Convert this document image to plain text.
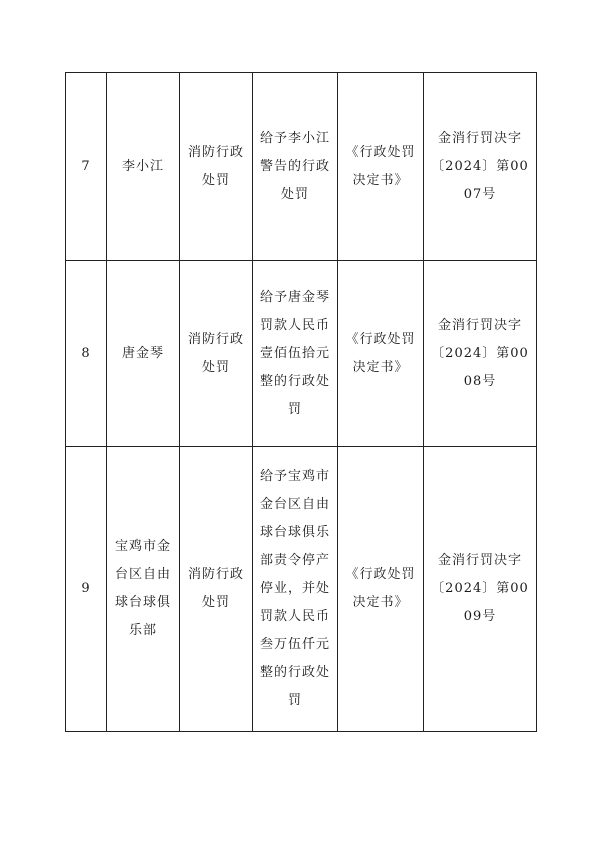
7	李小江	消防行政处罚	给予李小江警告的行政处罚	《行政处罚决定书》	金消行罚决字〔2024〕第0007号
8	唐金琴	消防行政处罚	给予唐金琴罚款人民币壹佰伍拾元整的行政处罚	《行政处罚决定书》	金消行罚决字〔2024〕第0008号
9	宝鸡市金台区自由球台球俱乐部	消防行政处罚	给予宝鸡市金台区自由球台球俱乐部责令停产停业，并处罚款人民币叁万伍仟元整的行政处罚	《行政处罚决定书》	金消行罚决字〔2024〕第0009号
